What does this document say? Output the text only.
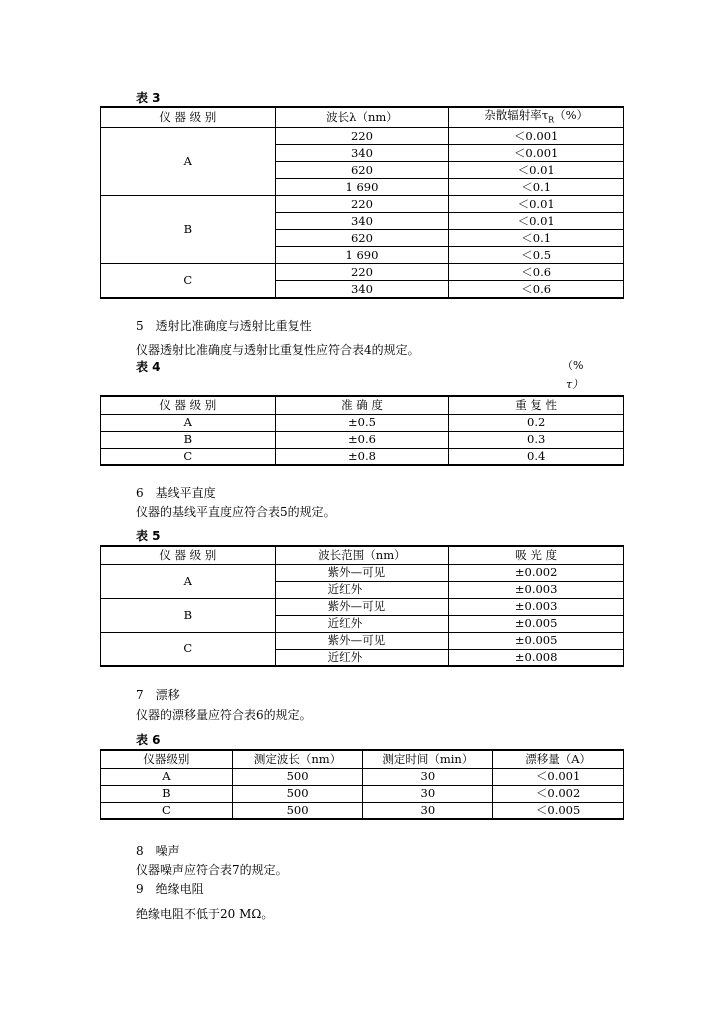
表 3
仪 器 级 别	波长λ（nm）	杂散辐射率$\tau_R(\%)$
A	220	＜0.001
	340	＜0.001
	620	＜0.01
	1 690	＜0.1
B	220	＜0.01
	340	＜0.01
	620	＜0.1
	1 690	＜0.5
C	220	＜0.6
	340	＜0.6
5　透射比准确度与透射比重复性
仪器透射比准确度与透射比重复性应符合表4的规定。
表 4	（%
τ）
仪 器 级 别	准 确 度	重 复 性
A	±0.5	0.2
B	±0.6	0.3
C	±0.8	0.4
6　基线平直度
仪器的基线平直度应符合表5的规定。
表 5
仪 器 级 别	波长范围（nm）	吸 光 度
A	紫外—可见	±0.002
	近红外	±0.003
B	紫外—可见	±0.003
	近红外	±0.005
C	紫外—可见	±0.005
	近红外	±0.008
7　漂移
仪器的漂移量应符合表6的规定。
表 6
仪器级别	测定波长（nm）	测定时间（min）	漂移量（A）
A	500	30	＜0.001
B	500	30	＜0.002
C	500	30	＜0.005
8　噪声
仪器噪声应符合表7的规定。
9　绝缘电阻
绝缘电阻不低于20 MΩ。
